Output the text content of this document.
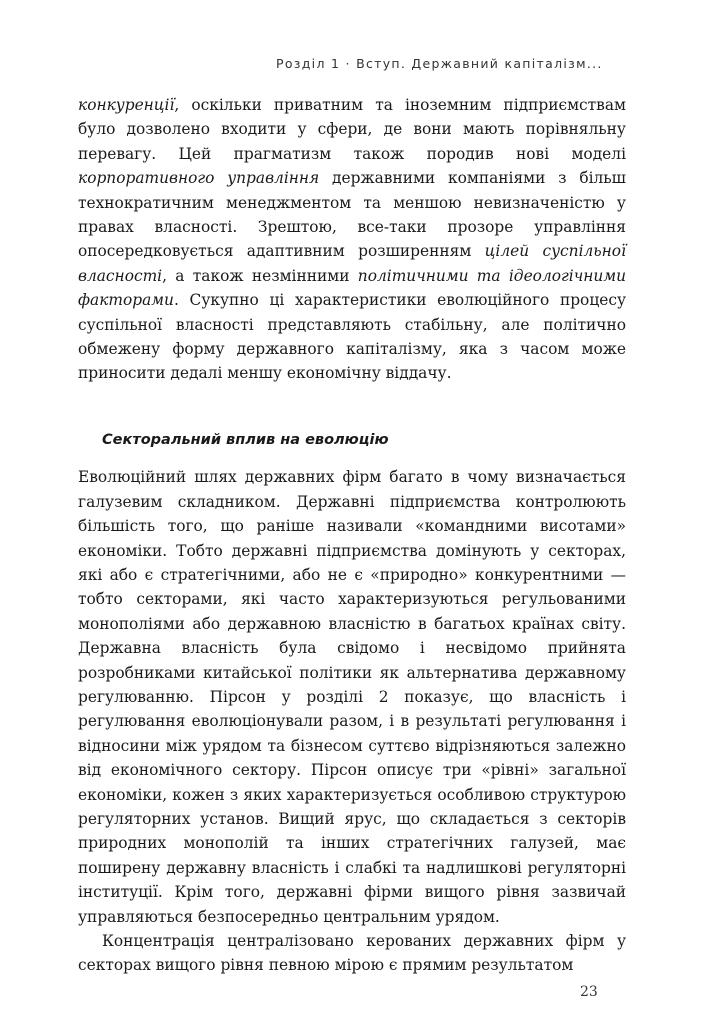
Розділ 1 · Вступ. Державний капіталізм...

конкуренції, оскільки приватним та іноземним підприємствам було дозволено входити у сфери, де вони мають порівняльну перевагу. Цей прагматизм також породив нові моделі корпоративного управління державними компаніями з більш технократичним менеджментом та меншою невизначеністю у правах власності. Зрештою, все-таки прозоре управління опосередковується адаптивним розширенням цілей суспільної власності, а також незмінними політичними та ідеологічними факторами. Сукупно ці характеристики еволюційного процесу суспільної власності представляють стабільну, але політично обмежену форму державного капіталізму, яка з часом може приносити дедалі меншу економічну віддачу.

Секторальний вплив на еволюцію

Еволюційний шлях державних фірм багато в чому визначається галузевим складником. Державні підприємства контролюють більшість того, що раніше називали «командними висотами» економіки. Тобто державні підприємства домінують у секторах, які або є стратегічними, або не є «природно» конкурентними — тобто секторами, які часто характеризуються регульованими монополіями або державною власністю в багатьох країнах світу. Державна власність була свідомо і несвідомо прийнята розробниками китайської політики як альтернатива державному регулюванню. Пірсон у розділі 2 показує, що власність і регулювання еволюціонували разом, і в результаті регулювання і відносини між урядом та бізнесом суттєво відрізняються залежно від економічного сектору. Пірсон описує три «рівні» загальної економіки, кожен з яких характеризується особливою структурою регуляторних установ. Вищий ярус, що складається з секторів природних монополій та інших стратегічних галузей, має поширену державну власність і слабкі та надлишкові регуляторні інституції. Крім того, державні фірми вищого рівня зазвичай управляються безпосередньо центральним урядом.

Концентрація централізовано керованих державних фірм у секторах вищого рівня певною мірою є прямим результатом

23
